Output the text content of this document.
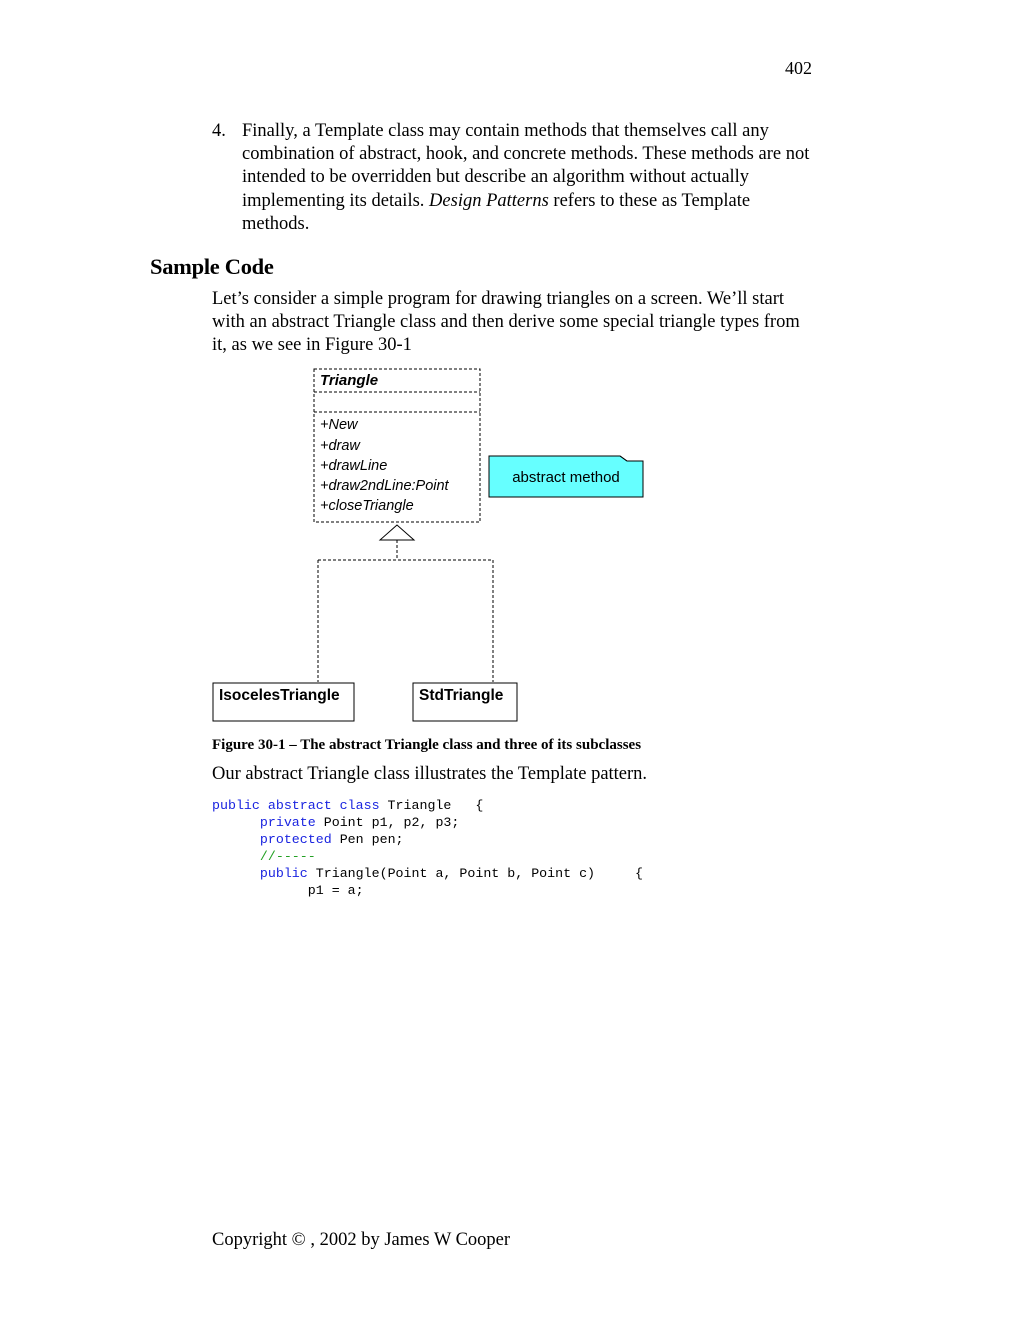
402
4. Finally, a Template class may contain methods that themselves call any combination of abstract, hook, and concrete methods. These methods are not intended to be overridden but describe an algorithm without actually implementing its details. Design Patterns refers to these as Template methods.
Sample Code
Let’s consider a simple program for drawing triangles on a screen. We’ll start with an abstract Triangle class and then derive some special triangle types from it, as we see in Figure 30-1
Triangle
+New
+draw
+drawLine
+draw2ndLine:Point
+closeTriangle
abstract method
IsocelesTriangle	StdTriangle
Figure 30-1 – The abstract Triangle class and three of its subclasses
Our abstract Triangle class illustrates the Template pattern.
public abstract class Triangle   {
private Point p1, p2, p3;
protected Pen pen;
//-----
public Triangle(Point a, Point b, Point c)     {
p1 = a;
Copyright © , 2002 by James W Cooper
